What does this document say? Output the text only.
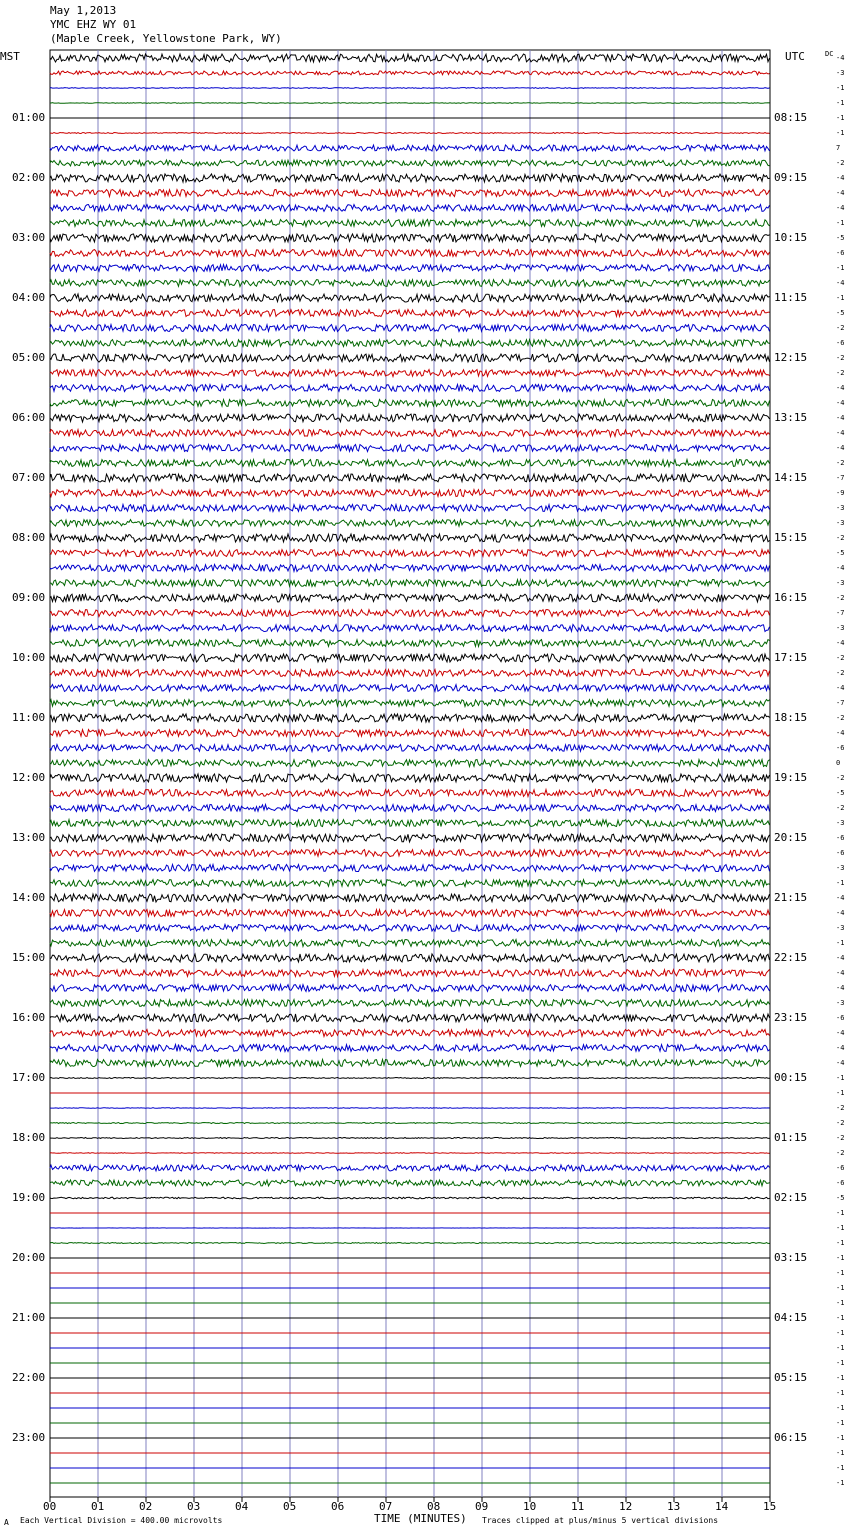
May 1,2013
YMC EHZ WY 01
(Maple Creek, Yellowstone Park, WY)
MST	UTC	DC
01:00	08:15
02:00	09:15
03:00	10:15
04:00	11:15
05:00	12:15
06:00	13:15
07:00	14:15
08:00	15:15
09:00	16:15
10:00	17:15
11:00	18:15
12:00	19:15
13:00	20:15
14:00	21:15
15:00	22:15
16:00	23:15
17:00	00:15
18:00	01:15
19:00	02:15
20:00	03:15
21:00	04:15
22:00	05:15
23:00	06:15
-4
-3
-1
-1
-1
-1
7
-2
-4
-4
-4
-1
-5
-6
-1
-4
-1
-5
-2
-6
-2
-2
-4
-4
-4
-4
-4
-2
-7
-9
-3
-3
-2
-5
-4
-3
-2
-7
-3
-4
-2
-2
-4
-7
-2
-4
-6
0
-2
-5
-2
-3
-6
-6
-3
-1
-4
-4
-3
-1
-4
-4
-4
-3
-6
-4
-4
-4
-1
-1
-2
-2
-2
-2
-6
-6
-5
-1
-1
-1
-1
-1
-1
-1
-1
-1
-1
-1
-1
-1
-1
-1
-1
-1
-1
-1
00	01	02	03	04	05	06	07	08	09	10	11	12	13	14	15
A Each Vertical Division = 400.00 microvolts	TIME (MINUTES) Traces clipped at plus/minus 5 vertical divisions
